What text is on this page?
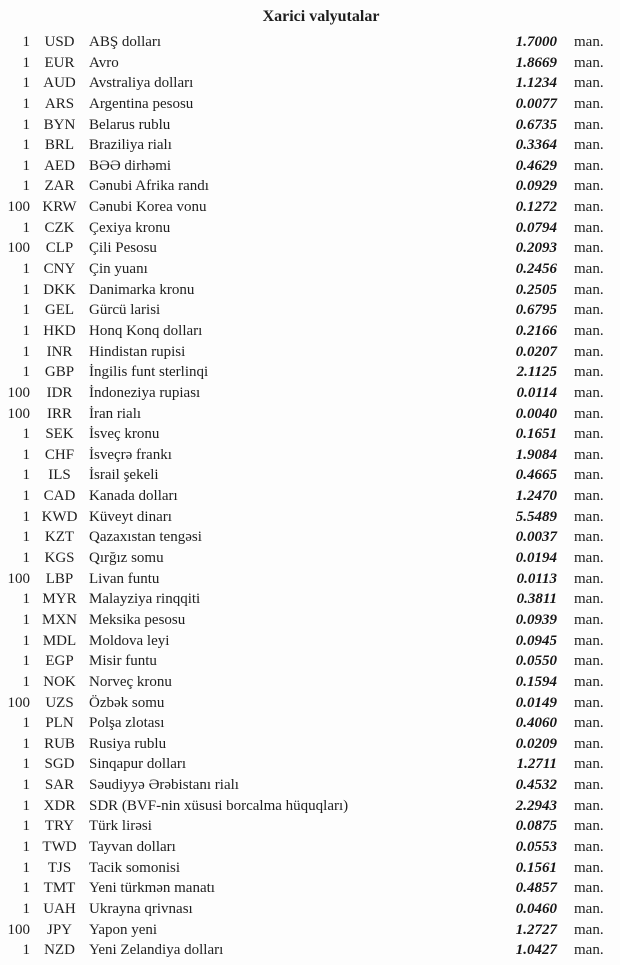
Xarici valyutalar
1 USD ABŞ dolları	1.7000	man.
1 EUR Avro	1.8669	man.
1 AUD Avstraliya dolları	1.1234	man.
1 ARS Argentina pesosu	0.0077	man.
1 BYN Belarus rublu	0.6735	man.
1 BRL Braziliya rialı	0.3364	man.
1 AED BƏƏ dirhəmi	0.4629	man.
1 ZAR Cənubi Afrika randı	0.0929	man.
100 KRW Cənubi Korea vonu	0.1272	man.
1 CZK Çexiya kronu	0.0794	man.
100	CLP	Çili Pesosu	0.2093	man.
1 CNY Çin yuanı	0.2456	man.
1 DKK Danimarka kronu	0.2505	man.
1 GEL Gürcü larisi	0.6795	man.
1 HKD Honq Konq dolları	0.2166	man.
1	INR	Hindistan rupisi	0.0207	man.
1 GBP İngilis funt sterlinqi	2.1125	man.
100	IDR	İndoneziya rupiası	0.0114	man.
100	IRR	İran rialı	0.0040	man.
1	SEK	İsveç kronu	0.1651	man.
1 CHF İsveçrə frankı	1.9084	man.
1	ILS	İsrail şekeli	0.4665	man.
1 CAD Kanada dolları	1.2470	man.
1 KWD Küveyt dinarı	5.5489	man.
1 KZT Qazaxıstan tengəsi	0.0037	man.
1 KGS Qırğız somu	0.0194	man.
100	LBP	Livan funtu	0.0113	man.
1 MYR Malayziya rinqqiti	0.3811	man.
1 MXN Meksika pesosu	0.0939	man.
1 MDL Moldova leyi	0.0945	man.
1	EGP	Misir funtu	0.0550	man.
1 NOK Norveç kronu	0.1594	man.
100	UZS	Özbək somu	0.0149	man.
1	PLN	Polşa zlotası	0.4060	man.
1 RUB Rusiya rublu	0.0209	man.
1 SGD Sinqapur dolları	1.2711	man.
1 SAR Səudiyyə Ərəbistanı rialı	0.4532	man.
1 XDR SDR (BVF-nin xüsusi borcalma hüquqları)	2.2943	man.
1 TRY Türk lirəsi	0.0875	man.
1 TWD Tayvan dolları	0.0553	man.
1	TJS	Tacik somonisi	0.1561	man.
1 TMT Yeni türkmən manatı	0.4857	man.
1 UAH Ukrayna qrivnası	0.0460	man.
100	JPY	Yapon yeni	1.2727	man.
1 NZD Yeni Zelandiya dolları	1.0427	man.
